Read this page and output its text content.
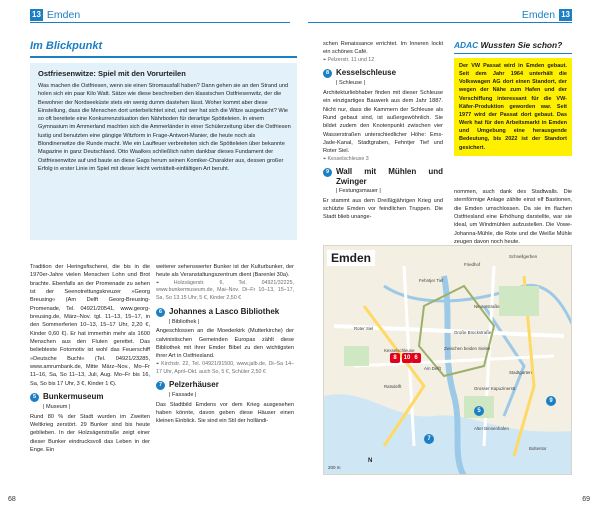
13 Emden
Im Blickpunkt
Ostfriesenwitze: Spiel mit den Vorurteilen
Was machen die Ostfriesen, wenn sie einen Stromausfall haben? Dann gehen sie an den Strand und holen sich ein paar Kilo Watt. Sätze wie diese beschreiben den klassischen Ostfriesenwitz, der die Bewohner der Nordseeküste stets ein wenig dumm dastehen lässt. Woher kommt aber diese Einstellung, dass die Menschen dort unterbelichtet sind, und wer hat sich die Witze ausgedacht? Wie so oft bereitete eine Konkurrenzsituation den Nährboden für derartige Spötteleien. In einem Gymnasium im Ammerland machten sich die Ammerländer in einer Schülerzeitung über die Ostfriesen lustig und benutzten eine gängige Witzform in Frage-Antwort-Manier, die heute noch als Blondinenwitze die Runde macht. Wie ein Lauffeuer verbreiteten sich die Spötteleien über bekannte Magazine in ganz Deutschland. Otto Waalkes schließlich nahm dankbar dieses Fundament der Ostfriesenwitze auf und baute an diese Gags herum seinen Komiker-Charakter aus, dessen großer Erfolg in erster Linie im Spiel mit dieser leicht verträttelt-einfältigen Art beruht.
Tradition der Heringsfischerei, die bis in die 1970er-Jahre vielen Menschen Lohn und Brot brachte. Ebenfalls an der Promenade zu sehen ist der Seenotrettungskreuzer »Georg Breusing« (Am Delft Georg-Breusing-Promenade, Tel. 04921/20541, www.georg-breusing.de, März–Nov. tgl. 11–13, 15–17, in den Sommerferien 10–13, 15–17 Uhr, 2,20 €, Kinder 0,60 €). Er hat immerhin mehr als 1600 Menschen aus den Fluten gerettet. Das beliebteste Fotomotiv ist wohl das Feuerschiff »Deutsche Bucht« (Tel. 04921/23285, www.amrumbank.de, Mitte März–Nov., Mo–Fr 11–16, Sa, So 11–13, Juli, Aug. Mo–Fr bis 16, Sa, So bis 17 Uhr, 3 €, Kinder 1 €).
5 Bunkermuseum
| Museum |
Rund 80 % der Stadt wurden im Zweiten Weltkrieg zerstört. 29 Bunker sind bis heute geblieben. In der Holzsägerstraße zeigt einer dieser Bunker eindrucksvoll das Leben in der Enge. Ein
weiterer sehenswerter Bunker ist der Kulturbunker, der heute als Veranstaltungszentrum dient (Barenlei 30a).
⌖ Holzsägerstr. 6, Tel. 04921/32225, www.bunkermuseum.de, Mai–Nov. Di–Fr 10–13, 15–17, Sa, So 13.15 Uhr, 5 €, Kinder 2,50 €
6 Johannes a Lasco Bibliothek
| Bibliothek |
Angeschlossen an die Moederkirk (Mutterkirche) der calvinistischen Gemeinden Europas zählt diese Bibliothek mit ihrer Emder Bibel zu den wichtigsten ihrer Art in Ostfriesland.
⌖ Kirchstr. 22, Tel. 04921/91500, www.jalb.de, Di–Sa 14–17 Uhr, April–Okt. auch So, 5 €, Schüler 2,50 €
7 Pelzerhäuser
| Fassade |
Das Stadtbild Emdens vor dem Krieg ausgesehen haben könnte, davon geben diese Häuser einen kleinen Einblick. Sie sind ein Stil der holländi-
68
Emden 13
schen Renaissance errichtet. Im Inneren lockt ein schönes Café.
⌖ Pelzerstr. 11 und 12
8 Kesselschleuse
| Schleuse |
Architekturliebhaber finden mit dieser Schleuse ein einzigartiges Bauwerk aus dem Jahr 1887. Nicht nur, dass die Kammern der Schleuse als Rund gebaut sind, ist außergewöhnlich. Sie bildet zudem den Knotenpunkt zwischen vier Wasserstraßen unterschiedlicher Höhe: Ems-Jade-Kanal, Stadtgraben, Fehntjer Tief und Roter Siel.
⌖ Kesselschleuse 3
9 Wall mit Mühlen und Zwinger
| Festungsmauer |
Er stammt aus dem Dreißigjährigen Krieg und schützte Emden vor feindlichen Truppen. Die Stadt blieb unange-
ADAC Wussten Sie schon?
Der VW Passat wird in Emden gebaut. Seit dem Jahr 1964 unterhält die Volkswagen AG dort einen Standort, der wegen der Nähe zum Hafen und der Verschiffung interessant für die VW-Käfer-Produktion geworden war. Seit 1977 wird der Passat dort gebaut. Das Werk hat für den Arbeitsmarkt in Emden und Umgebung eine herausgende Bedeutung, bis 2022 ist der Standort gesichert.
nommen, auch dank des Stadtwalls. Die sternförmige Anlage zählte einst elf Bastionen, die Emden umschlossen. Da sie im flachen Ostfriesland eine Erhöhung darstellte, war sie ideal, um Windmühlen aufzustellen. Die Vowe-Johanna-Mühle, die Rote und die Weiße Mühle zeugen davon noch heute.
Emden	Schnellgerben
Friedhof
Fehntjer Tief
Große Brückstraße
Am Delft
Ratsdelft
Kesselschleuse
Neutorstraße
Stadtgarten
Alter Binnenhafen
Roter Siel
Boltentor
Grosser Kapuzinerstr.
Zwischen beiden Sielen
8	6
10
5
7
9
N
200 m
69
